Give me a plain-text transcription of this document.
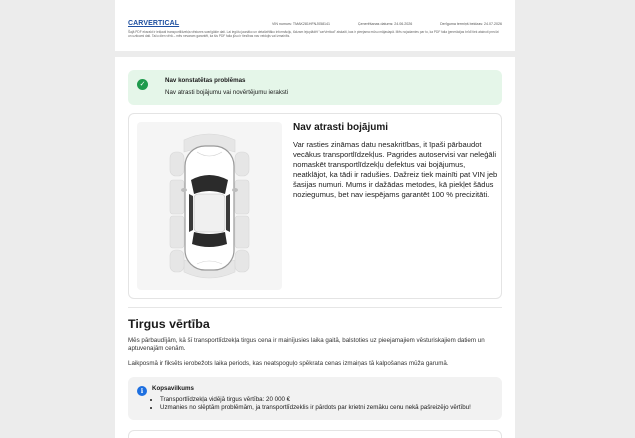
CARVERTICAL	VIN numurs: TMAK281HFNJ058141	Ģenerēšanas datums: 24.06.2026	Derīguma termiņš beidzas: 24.07.2026
Šajā PDF eksrakt ir iekļauti transportlīdzekļa vēstures svarīgākie dati. Lai iegūtu jaunāko un detalizētāko informāciju, lūdzam lejuplādēt "carVertical" atskaiti, kas ir pieejama mūsu mājaslapā. Mēs nojadamies par to, ka PDF faila ģenerācijas brīdī tiek atainoti precīzi un uzticami dati. Taču dien vērā – mēs nevaram garantēt, ka šis PDF faila jūsu ir tiesības nav veidojis vai izmainīts.
✓	Nav konstatētas problēmas
Nav atrasti bojājumu vai novērtējumu ieraksti
Nav atrasti bojājumi
Var rasties zināmas datu nesakritības, it īpaši pārbaudot vecākus transportlīdzekļus. Pagrides autoservisi var neleģāli nomaskēt transportlīdzekļu defektus vai bojājumus, neatklājot, ka tādi ir radušies. Dažreiz tiek mainīti pat VIN jeb šasijas numuri. Mums ir dažādas metodes, kā piekļet šādus noziegumus, bet nav iespējams garantēt 100 % precizitāti.
Tirgus vērtība
Mēs pārbaudījām, kā šī transportlīdzekļa tirgus cena ir mainījusies laika gaitā, balstoties uz pieejamajiem vēsturiskajiem datiem un aptuvenajām cenām.
Laikposmā ir fiksēts ierobežots laika periods, kas neatspoguļo spēkrata cenas izmaiņas tā kalpošanas mūža garumā.
i	Kopsavilkums
• Transportlīdzekļa vidējā tirgus vērtība: 20 000 €
• Uzmanies no slēptām problēmām, ja transportlīdzeklis ir pārdots par krietni zemāku cenu nekā pašreizējo vērtību!
